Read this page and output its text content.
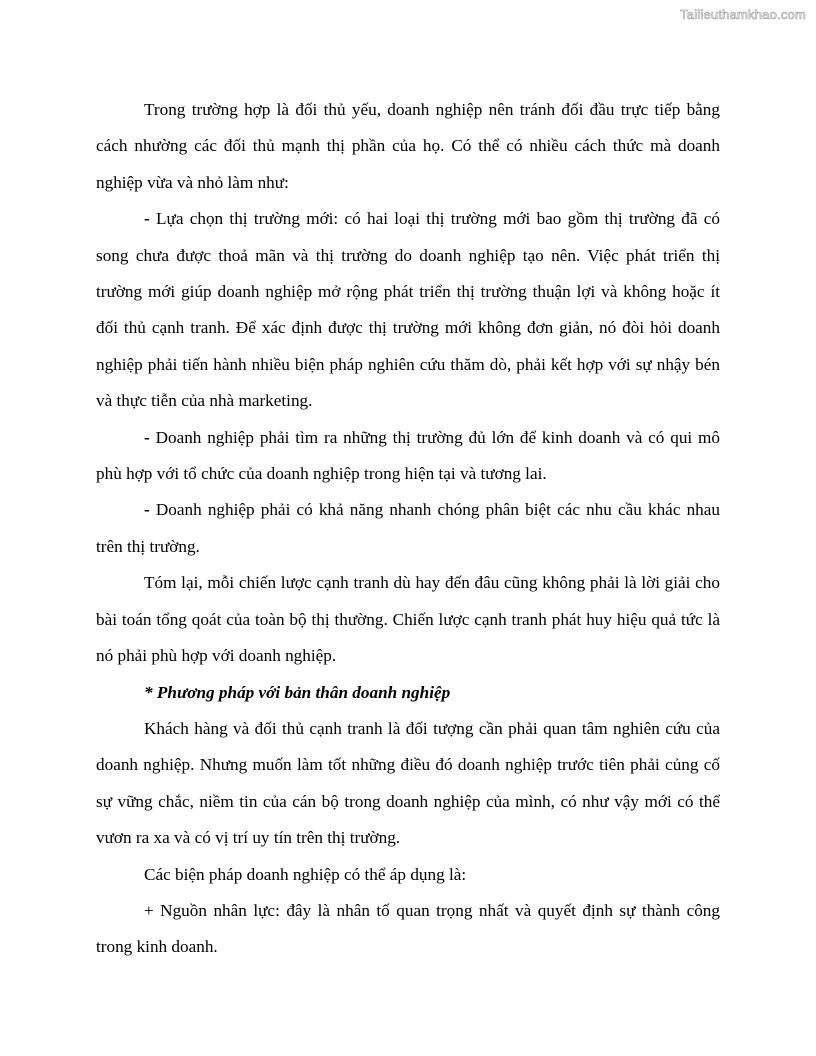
Tailieuthamkhao.com

Trong trường hợp là đối thủ yếu, doanh nghiệp nên tránh đối đầu trực tiếp bằng cách nhường các đối thủ mạnh thị phần của họ. Có thể có nhiều cách thức mà doanh nghiệp vừa và nhỏ làm như:

- Lựa chọn thị trường mới: có hai loại thị trường mới bao gồm thị trường đã có song chưa được thoả mãn và thị trường do doanh nghiệp tạo nên. Việc phát triển thị trường mới giúp doanh nghiệp mở rộng phát triển thị trường thuận lợi và không hoặc ít đối thủ cạnh tranh. Để xác định được thị trường mới không đơn giản, nó đòi hỏi doanh nghiệp phải tiến hành nhiều biện pháp nghiên cứu thăm dò, phải kết hợp với sự nhậy bén và thực tiễn của nhà marketing.

- Doanh nghiệp phải tìm ra những thị trường đủ lớn để kinh doanh và có qui mô phù hợp với tổ chức của doanh nghiệp trong hiện tại và tương lai.

- Doanh nghiệp phải có khả năng nhanh chóng phân biệt các nhu cầu khác nhau trên thị trường.

Tóm lại, mỗi chiến lược cạnh tranh dù hay đến đâu cũng không phải là lời giải cho bài toán tổng qoát của toàn bộ thị thường. Chiến lược cạnh tranh phát huy hiệu quả tức là nó phải phù hợp với doanh nghiệp.

* Phương pháp với bản thân doanh nghiệp

Khách hàng và đối thủ cạnh tranh là đối tượng cần phải quan tâm nghiên cứu của doanh nghiệp. Nhưng muốn làm tốt những điều đó doanh nghiệp trước tiên phải củng cố sự vững chắc, niềm tin của cán bộ trong doanh nghiệp của mình, có như vậy mới có thể vươn ra xa và có vị trí uy tín trên thị trường.

Các biện pháp doanh nghiệp có thể áp dụng là:

+ Nguồn nhân lực: đây là nhân tố quan trọng nhất và quyết định sự thành công trong kinh doanh.
